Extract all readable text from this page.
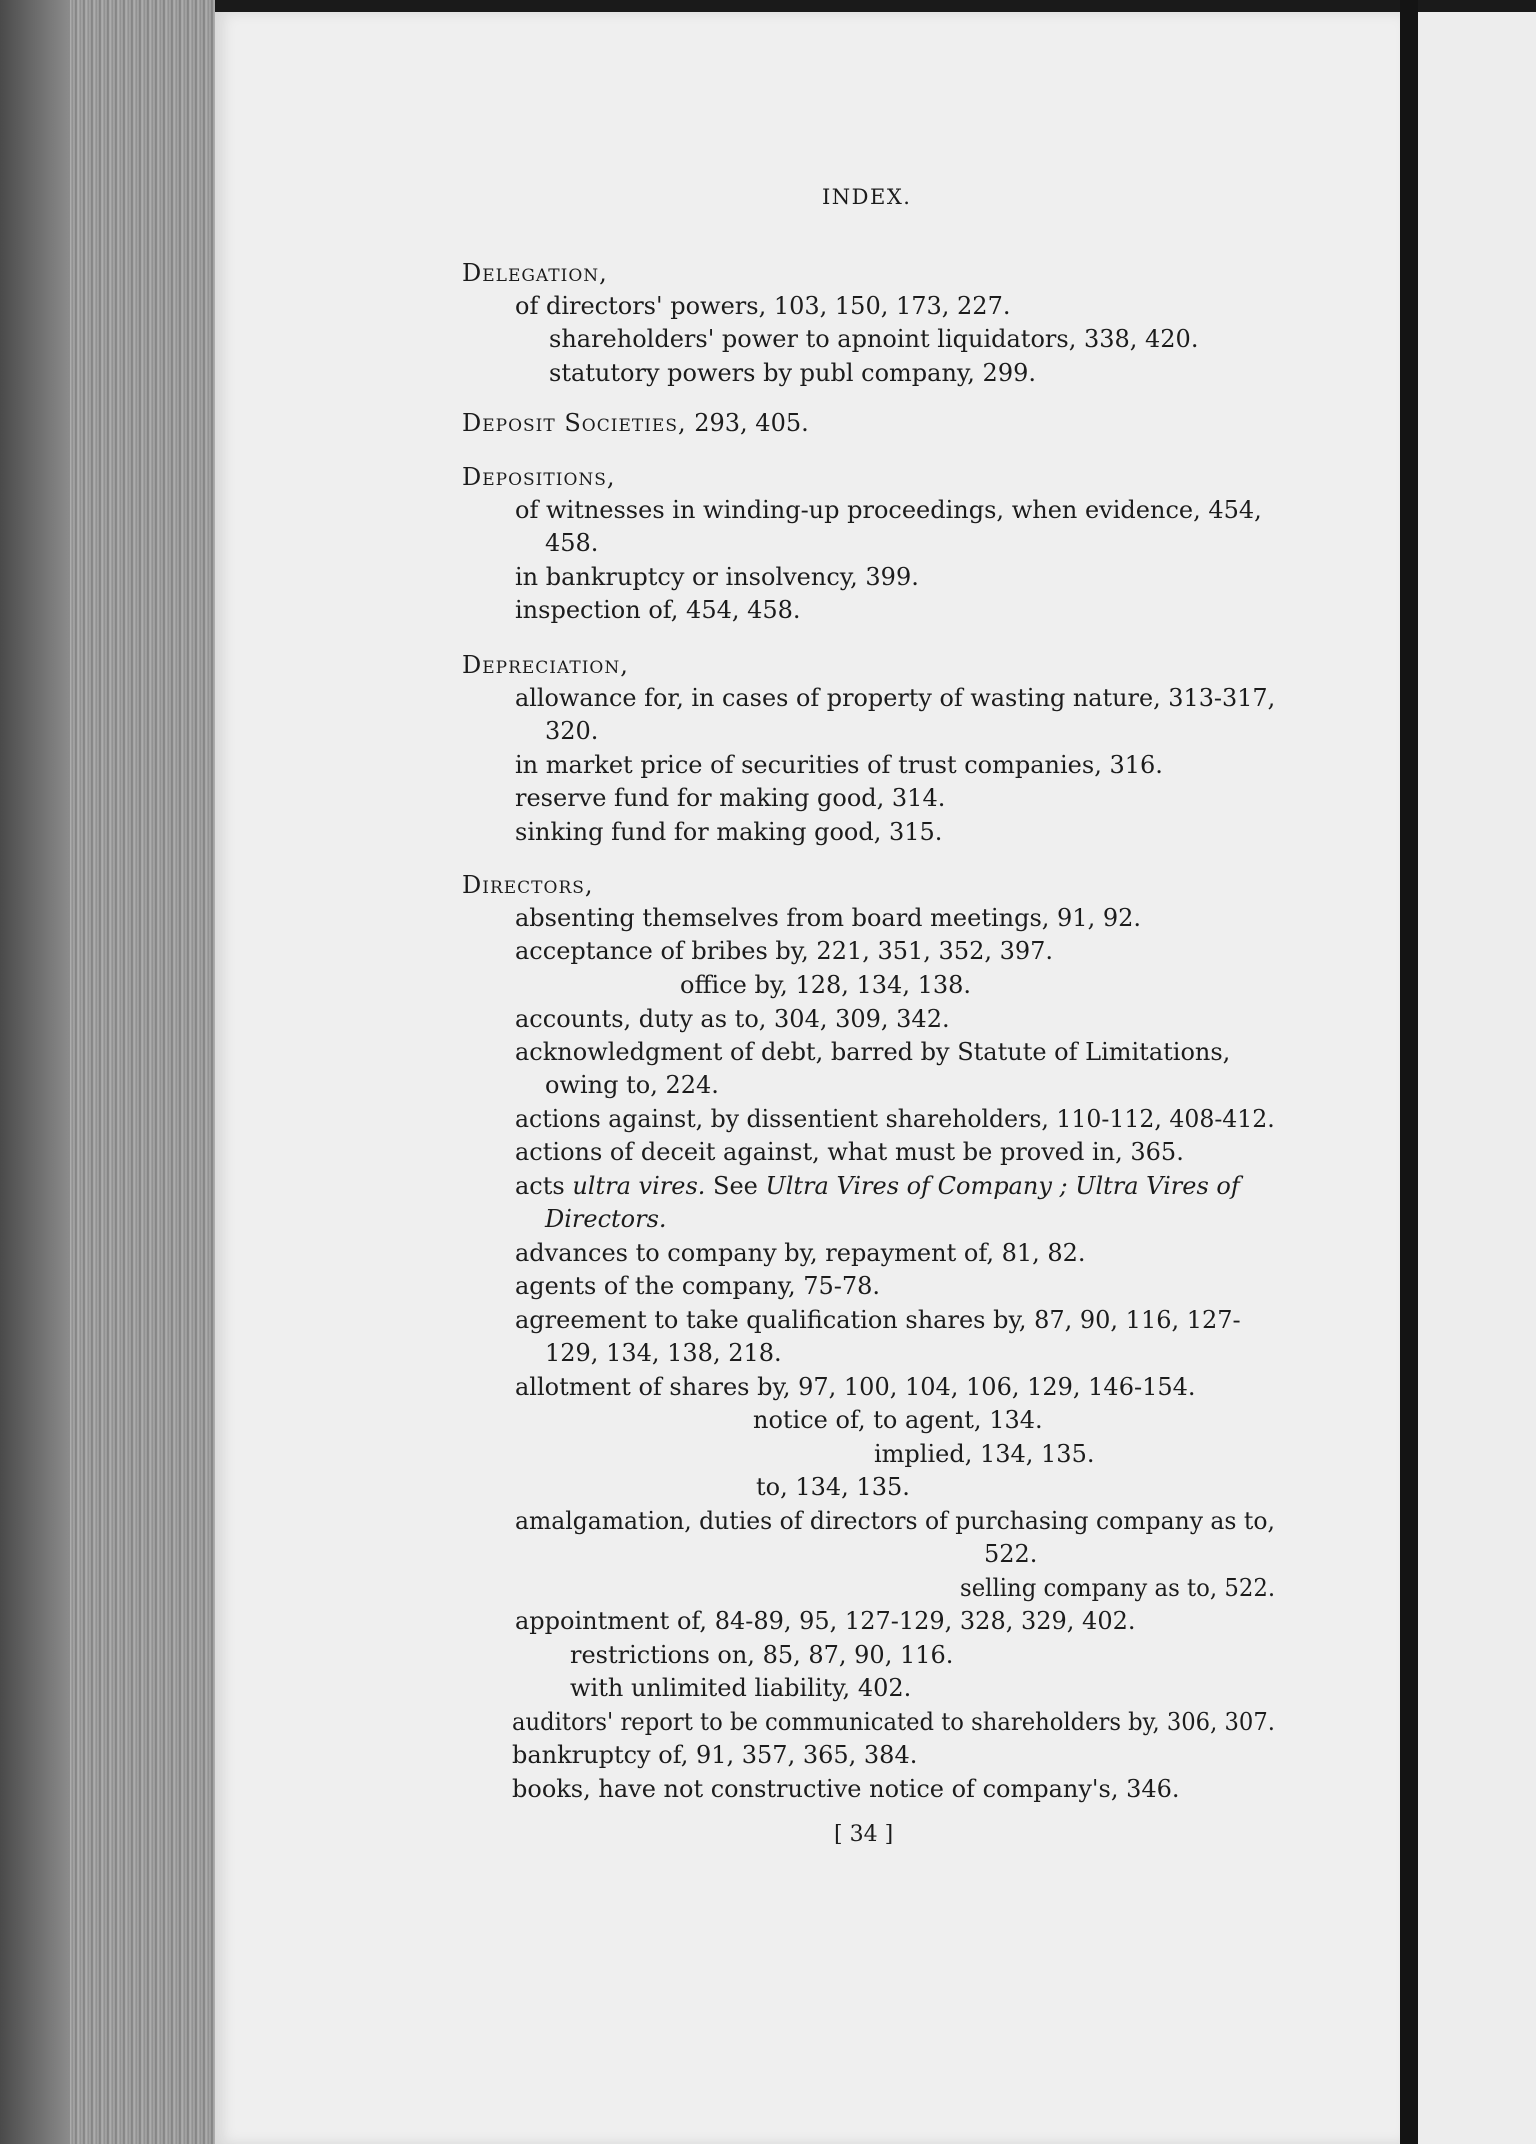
INDEX.
Delegation,
of directors' powers, 103, 150, 173, 227.
shareholders' power to apnoint liquidators, 338, 420.
statutory powers by publ company, 299.
Deposit Societies, 293, 405.
Depositions,
of witnesses in winding-up proceedings, when evidence, 454,
458.
in bankruptcy or insolvency, 399.
inspection of, 454, 458.
Depreciation,
allowance for, in cases of property of wasting nature, 313-317,
320.
in market price of securities of trust companies, 316.
reserve fund for making good, 314.
sinking fund for making good, 315.
Directors,
absenting themselves from board meetings, 91, 92.
acceptance of bribes by, 221, 351, 352, 397.
office by, 128, 134, 138.
accounts, duty as to, 304, 309, 342.
acknowledgment of debt, barred by Statute of Limitations,
owing to, 224.
actions against, by dissentient shareholders, 110-112, 408-412.
actions of deceit against, what must be proved in, 365.
acts ultra vires. See Ultra Vires of Company ; Ultra Vires of
Directors.
advances to company by, repayment of, 81, 82.
agents of the company, 75-78.
agreement to take qualification shares by, 87, 90, 116, 127-
129, 134, 138, 218.
allotment of shares by, 97, 100, 104, 106, 129, 146-154.
notice of, to agent, 134.
implied, 134, 135.
to, 134, 135.
amalgamation, duties of directors of purchasing company as to,
522.
selling company as to, 522.
appointment of, 84-89, 95, 127-129, 328, 329, 402.
restrictions on, 85, 87, 90, 116.
with unlimited liability, 402.
auditors' report to be communicated to shareholders by, 306, 307.
bankruptcy of, 91, 357, 365, 384.
books, have not constructive notice of company's, 346.
[ 34 ]
